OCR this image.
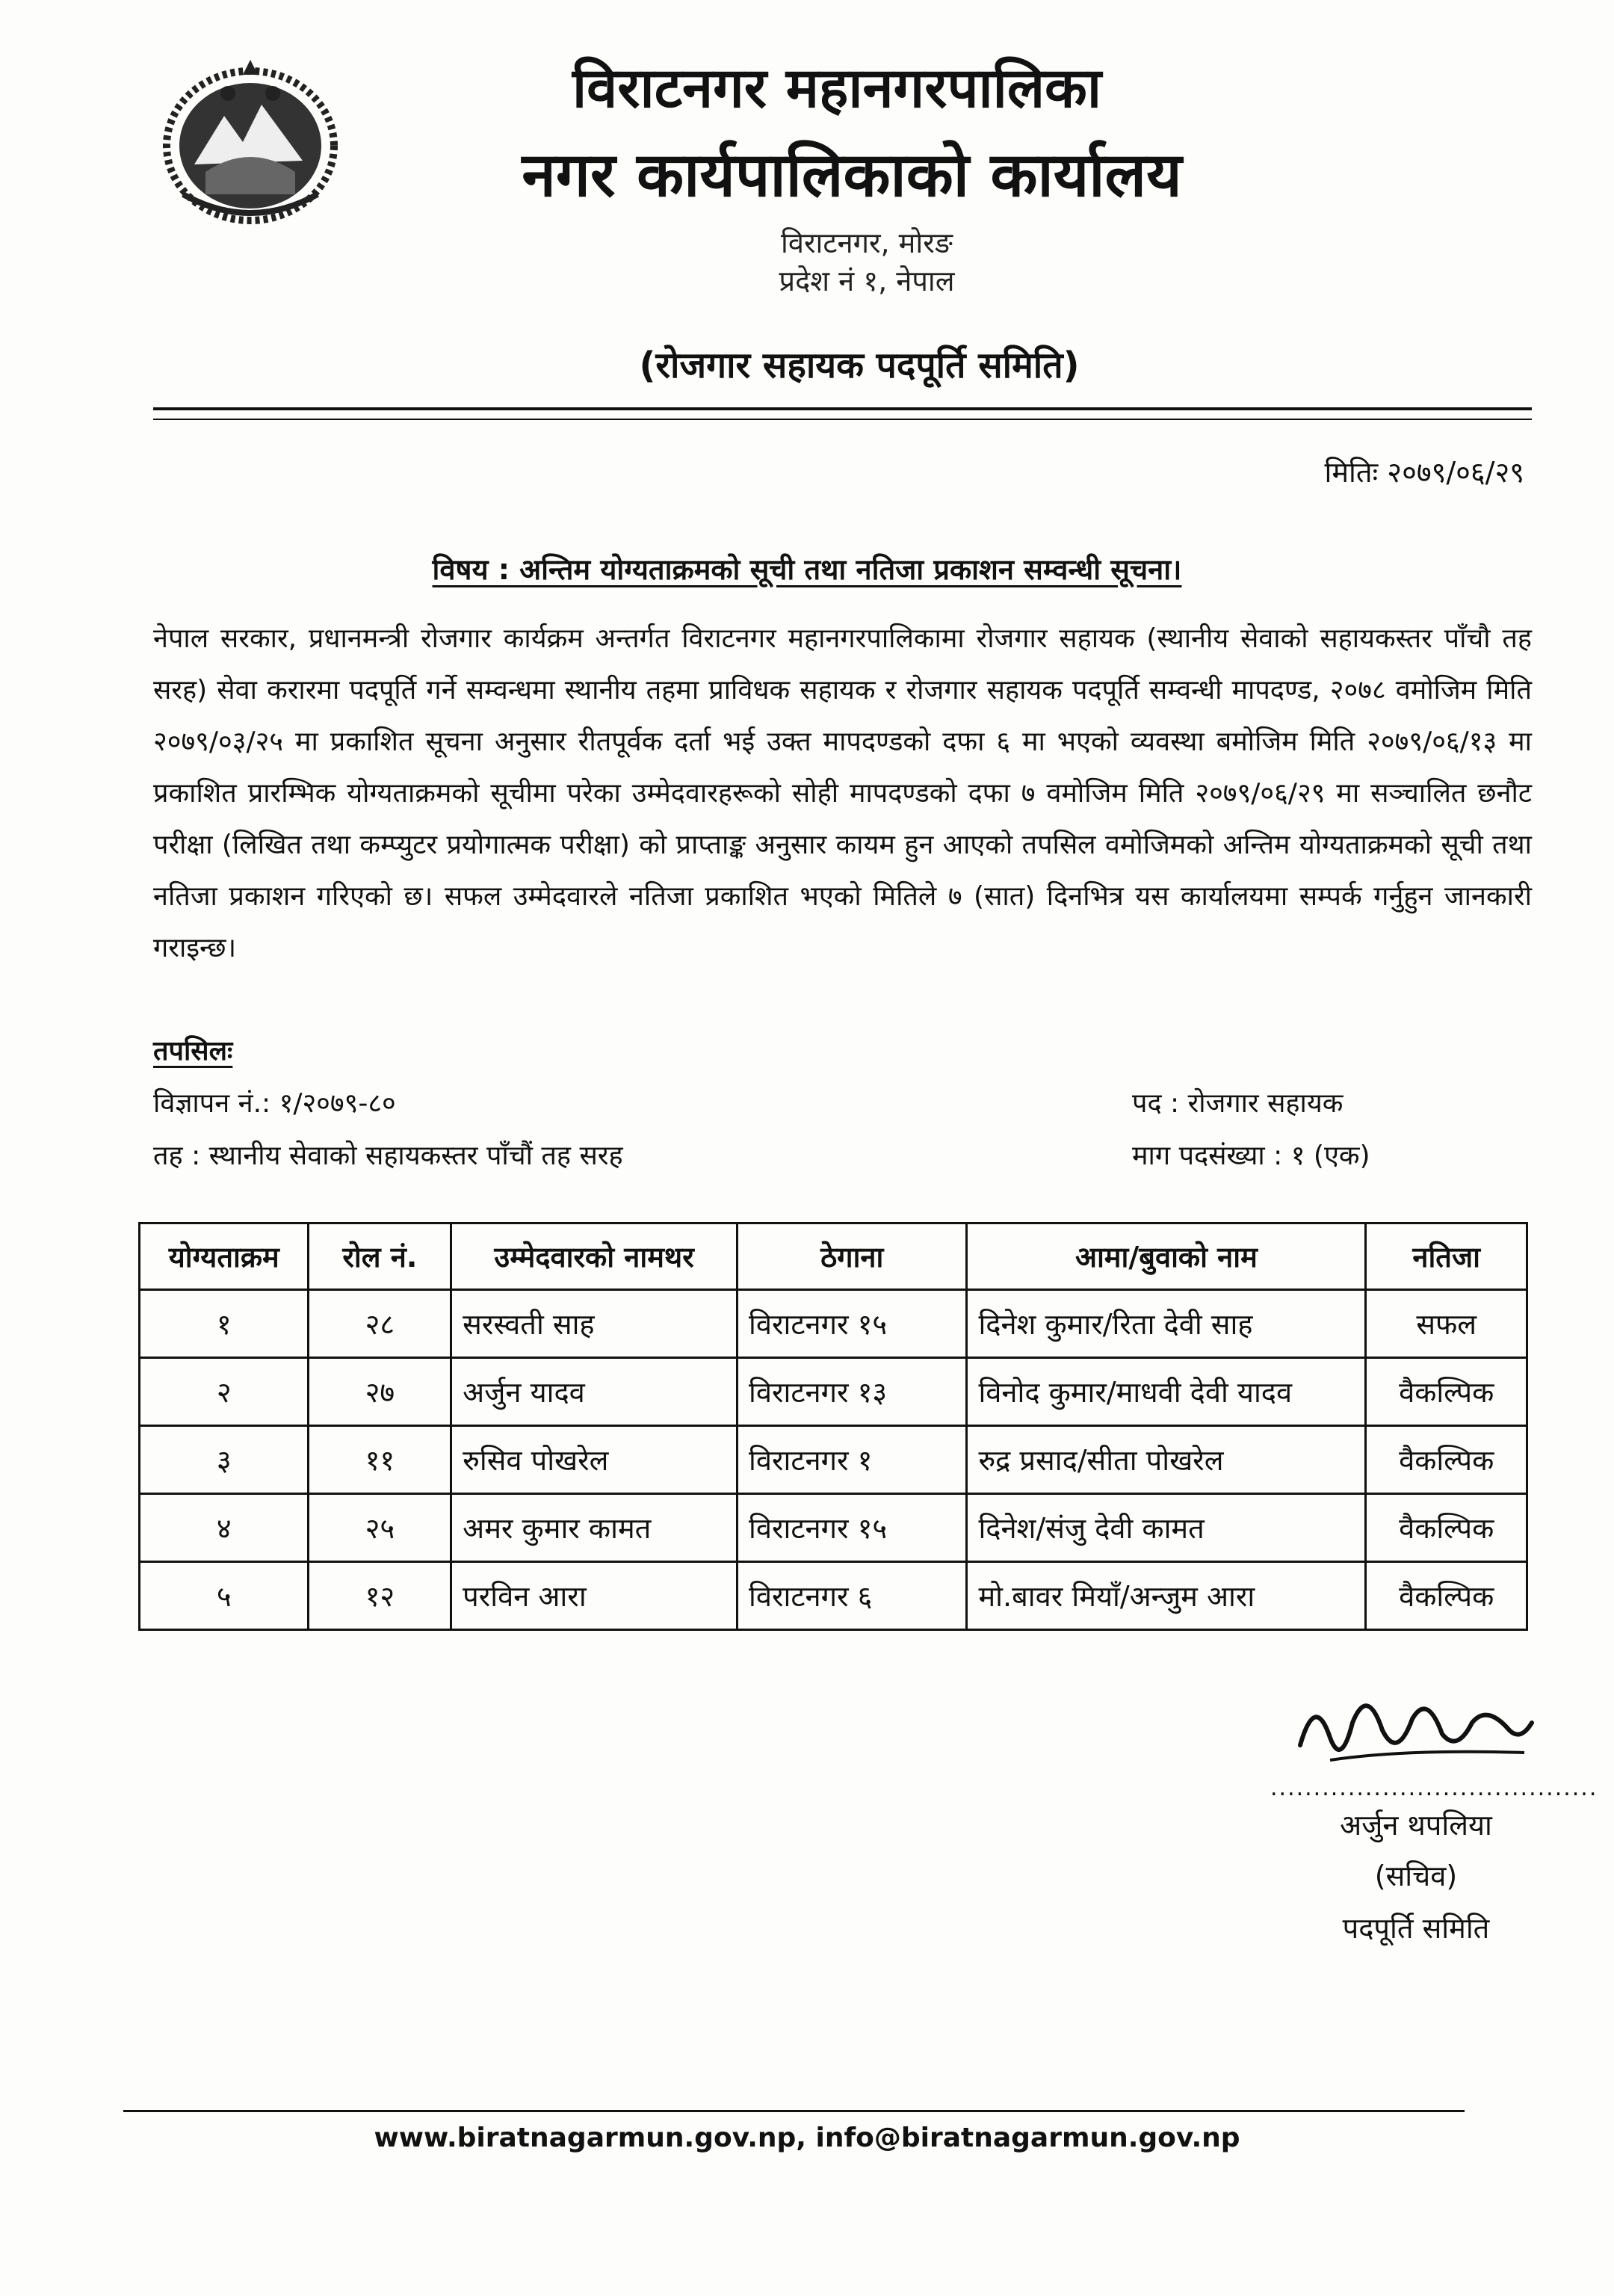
विराटनगर महानगरपालिका
नगर कार्यपालिकाको कार्यालय
विराटनगर, मोरङ
प्रदेश नं १, नेपाल
(रोजगार सहायक पदपूर्ति समिति)
मितिः २०७९/०६/२९
विषय : अन्तिम योग्यताक्रमको सूची तथा नतिजा प्रकाशन सम्वन्धी सूचना।
नेपाल सरकार, प्रधानमन्त्री रोजगार कार्यक्रम अन्तर्गत विराटनगर महानगरपालिकामा रोजगार सहायक (स्थानीय सेवाको सहायकस्तर पाँचौ तह सरह) सेवा करारमा पदपूर्ति गर्ने सम्वन्धमा स्थानीय तहमा प्राविधक सहायक र रोजगार सहायक पदपूर्ति सम्वन्धी मापदण्ड, २०७८ वमोजिम मिति २०७९/०३/२५ मा प्रकाशित सूचना अनुसार रीतपूर्वक दर्ता भई उक्त मापदण्डको दफा ६ मा भएको व्यवस्था बमोजिम मिति २०७९/०६/१३ मा प्रकाशित प्रारम्भिक योग्यताक्रमको सूचीमा परेका उम्मेदवारहरूको सोही मापदण्डको दफा ७ वमोजिम मिति २०७९/०६/२९ मा सञ्चालित छनौट परीक्षा (लिखित तथा कम्प्युटर प्रयोगात्मक परीक्षा) को प्राप्ताङ्क अनुसार कायम हुन आएको तपसिल वमोजिमको अन्तिम योग्यताक्रमको सूची तथा नतिजा प्रकाशन गरिएको छ। सफल उम्मेदवारले नतिजा प्रकाशित भएको मितिले ७ (सात) दिनभित्र यस कार्यालयमा सम्पर्क गर्नुहुन जानकारी गराइन्छ।
तपसिलः
विज्ञापन नं.: १/२०७९-८०
तह : स्थानीय सेवाको सहायकस्तर पाँचौं तह सरह
पद : रोजगार सहायक
माग पदसंख्या : १ (एक)
योग्यताक्रम	रोल नं.	उम्मेदवारको नामथर	ठेगाना	आमा/बुवाको नाम	नतिजा
१	२८	सरस्वती साह	विराटनगर १५	दिनेश कुमार/रिता देवी साह	सफल
२	२७	अर्जुन यादव	विराटनगर १३	विनोद कुमार/माधवी देवी यादव	वैकल्पिक
३	११	रुसिव पोखरेल	विराटनगर १	रुद्र प्रसाद/सीता पोखरेल	वैकल्पिक
४	२५	अमर कुमार कामत	विराटनगर १५	दिनेश/संजु देवी कामत	वैकल्पिक
५	१२	परविन आरा	विराटनगर ६	मो.बावर मियाँ/अन्जुम आरा	वैकल्पिक
......................................
अर्जुन थपलिया
(सचिव)
पदपूर्ति समिति
www.biratnagarmun.gov.np, info@biratnagarmun.gov.np
